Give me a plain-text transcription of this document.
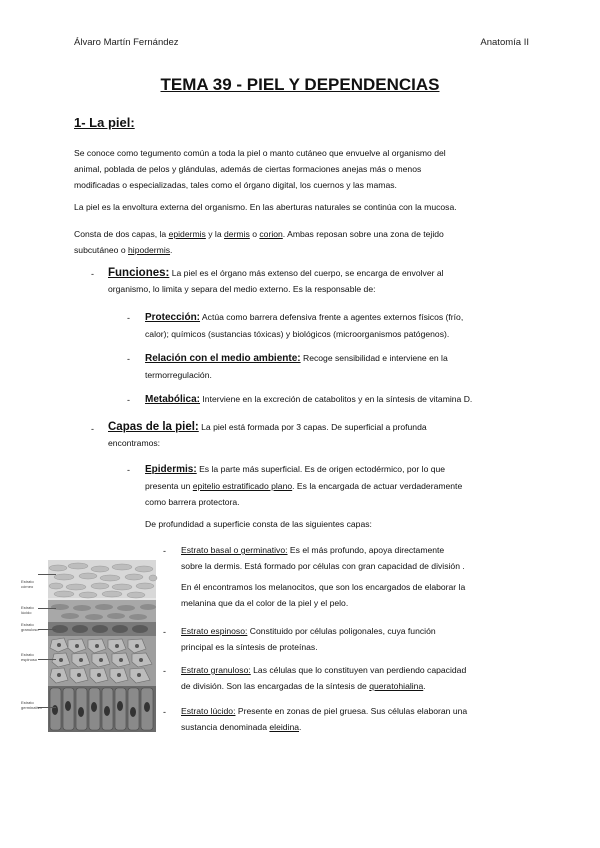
Álvaro Martín Fernández	Anatomía II
TEMA 39 - PIEL Y DEPENDENCIAS
1- La piel:
Se conoce como tegumento común a toda la piel o manto cutáneo que envuelve al organismo del
animal, poblada de pelos y glándulas, además de ciertas formaciones anejas más o menos
modificadas o especializadas, tales como el órgano digital, los cuernos y las mamas.
La piel es la envoltura externa del organismo. En las aberturas naturales se continúa con la mucosa.
Consta de dos capas, la epidermis y la dermis o corion. Ambas reposan sobre una zona de tejido
subcutáneo o hipodermis.
- Funciones: La piel es el órgano más extenso del cuerpo, se encarga de envolver al
organismo, lo limita y separa del medio externo. Es la responsable de:
- Protección: Actúa como barrera defensiva frente a agentes externos físicos (frío,
calor); químicos (sustancias tóxicas) y biológicos (microorganismos patógenos).
- Relación con el medio ambiente: Recoge sensibilidad e interviene en la
termorregulación.
- Metabólica: Interviene en la excreción de catabolitos y en la síntesis de vitamina D.
- Capas de la piel: La piel está formada por 3 capas. De superficial a profunda
encontramos:
- Epidermis: Es la parte más superficial. Es de origen ectodérmico, por lo que
presenta un epitelio estratificado plano. Es la encargada de actuar verdaderamente
como barrera protectora.
De profundidad a superficie consta de las siguientes capas:
- Estrato basal o germinativo: Es el más profundo, apoya directamente
sobre la dermis. Está formado por células con gran capacidad de división .
En él encontramos los melanocitos, que son los encargados de elaborar la
melanina que da el color de la piel y el pelo.
- Estrato espinoso: Constituido por células poligonales, cuya función
principal es la síntesis de proteínas.
- Estrato granuloso: Las células que lo constituyen van perdiendo capacidad
de división. Son las encargadas de la síntesis de queratohialina.
- Estrato lúcido: Presente en zonas de piel gruesa. Sus células elaboran una
sustancia denominada eleidina.
Estrato
córneo
Estrato
lúcido
Estrato
granuloso
Estrato
espinoso
Estrato
germinativo
